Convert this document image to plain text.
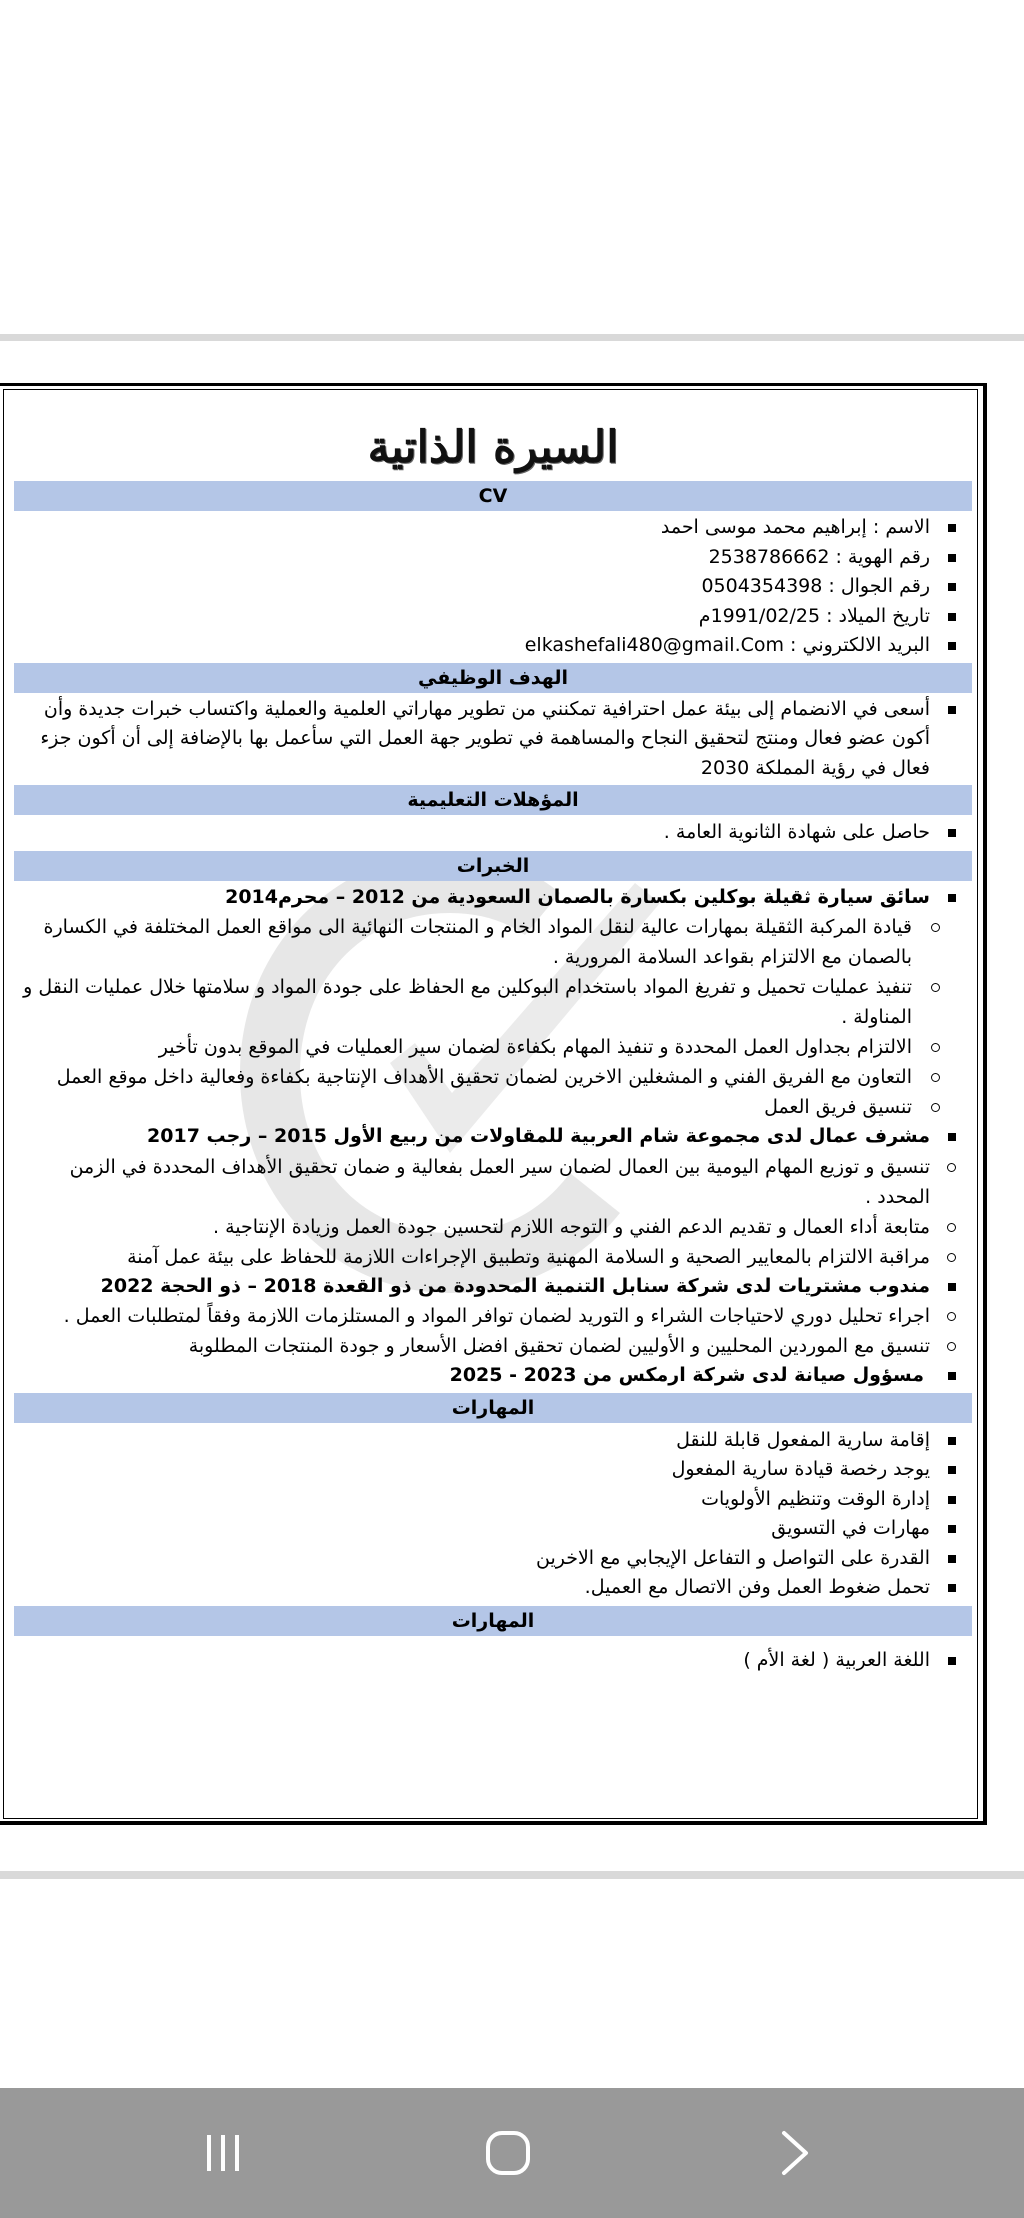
السيرة الذاتية
CV
الاسم : إبراهيم محمد موسى احمد
رقم الهوية : 2538786662
رقم الجوال : 0504354398
تاريخ الميلاد : 1991/02/25م
البريد الالكتروني : elkashefali480@gmail.Com
الهدف الوظيفي
أسعى في الانضمام إلى بيئة عمل احترافية تمكنني من تطوير مهاراتي العلمية والعملية واكتساب خبرات جديدة وأن أكون عضو فعال ومنتج لتحقيق النجاح والمساهمة في تطوير جهة العمل التي سأعمل بها بالإضافة إلى أن أكون جزء فعال في رؤية المملكة 2030
المؤهلات التعليمية
حاصل على شهادة الثانوية العامة .
الخبرات
سائق سيارة ثقيلة بوكلين بكسارة بالصمان السعودية من 2012 – محرم2014
قيادة المركبة الثقيلة بمهارات عالية لنقل المواد الخام و المنتجات النهائية الى مواقع العمل المختلفة في الكسارة بالصمان مع الالتزام بقواعد السلامة المرورية .
تنفيذ عمليات تحميل و تفريغ المواد باستخدام البوكلين مع الحفاظ على جودة المواد و سلامتها خلال عمليات النقل و المناولة .
الالتزام بجداول العمل المحددة و تنفيذ المهام بكفاءة لضمان سير العمليات في الموقع بدون تأخير
التعاون مع الفريق الفني و المشغلين الاخرين لضمان تحقيق الأهداف الإنتاجية بكفاءة وفعالية داخل موقع العمل
تنسيق فريق العمل
مشرف عمال لدى مجموعة شام العربية للمقاولات من ربيع الأول 2015 – رجب 2017
تنسيق و توزيع المهام اليومية بين العمال لضمان سير العمل بفعالية و ضمان تحقيق الأهداف المحددة في الزمن المحدد .
متابعة أداء العمال و تقديم الدعم الفني و التوجه اللازم لتحسين جودة العمل وزيادة الإنتاجية .
مراقبة الالتزام بالمعايير الصحية و السلامة المهنية وتطبيق الإجراءات اللازمة للحفاظ على بيئة عمل آمنة
مندوب مشتريات لدى شركة سنابل التنمية المحدودة من ذو القعدة 2018 – ذو الحجة 2022
اجراء تحليل دوري لاحتياجات الشراء و التوريد لضمان توافر المواد و المستلزمات اللازمة وفقاً لمتطلبات العمل .
تنسيق مع الموردين المحليين و الأوليين لضمان تحقيق افضل الأسعار و جودة المنتجات المطلوبة
مسؤول صيانة لدى شركة ارمكس من 2023 - 2025
المهارات
إقامة سارية المفعول قابلة للنقل
يوجد رخصة قيادة سارية المفعول
إدارة الوقت وتنظيم الأولويات
مهارات في التسويق
القدرة على التواصل و التفاعل الإيجابي مع الاخرين
تحمل ضغوط العمل وفن الاتصال مع العميل.
المهارات
اللغة العربية ( لغة الأم )
